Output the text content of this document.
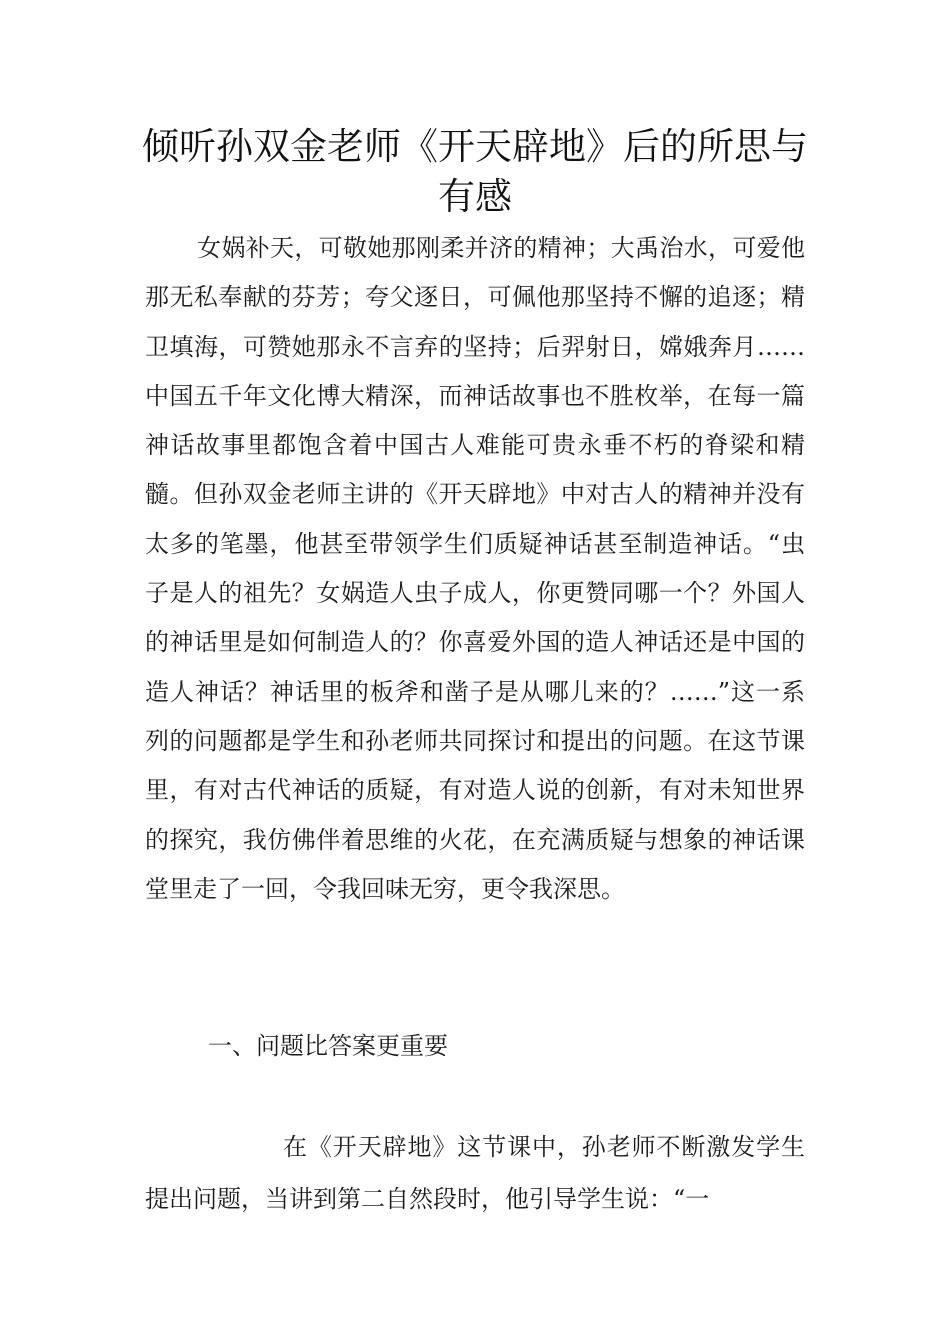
倾听孙双金老师《开天辟地》后的所思与有感

女娲补天，可敬她那刚柔并济的精神；大禹治水，可爱他那无私奉献的芬芳；夸父逐日，可佩他那坚持不懈的追逐；精卫填海，可赞她那永不言弃的坚持；后羿射日，嫦娥奔月……中国五千年文化博大精深，而神话故事也不胜枚举，在每一篇神话故事里都饱含着中国古人难能可贵永垂不朽的脊梁和精髓。但孙双金老师主讲的《开天辟地》中对古人的精神并没有太多的笔墨，他甚至带领学生们质疑神话甚至制造神话。“虫子是人的祖先？女娲造人虫子成人，你更赞同哪一个？外国人的神话里是如何制造人的？你喜爱外国的造人神话还是中国的造人神话？神话里的板斧和凿子是从哪儿来的？……”这一系列的问题都是学生和孙老师共同探讨和提出的问题。在这节课里，有对古代神话的质疑，有对造人说的创新，有对未知世界的探究，我仿佛伴着思维的火花，在充满质疑与想象的神话课堂里走了一回，令我回味无穷，更令我深思。

一、问题比答案更重要

在《开天辟地》这节课中，孙老师不断激发学生提出问题，当讲到第二自然段时，他引导学生说：“一
